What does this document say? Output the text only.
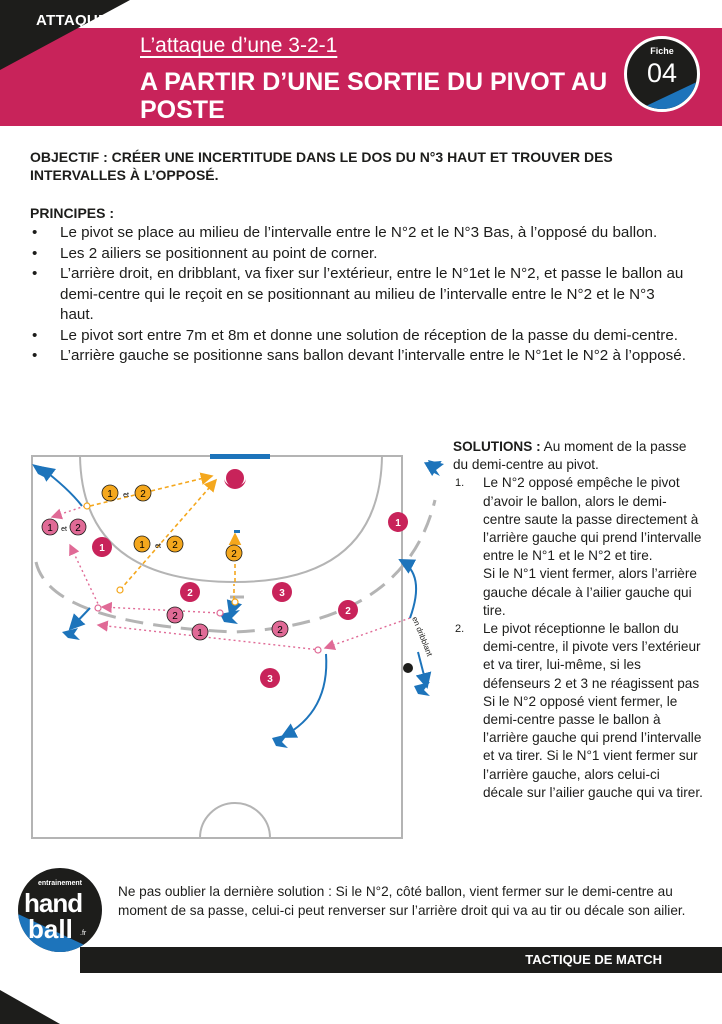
ATTAQUE
L’attaque d’une 3-2-1
A PARTIR D’UNE SORTIE DU PIVOT AU POSTE
Fiche
04
OBJECTIF : CRÉER UNE INCERTITUDE DANS LE DOS DU N°3 HAUT ET TROUVER DES INTERVALLES À L’OPPOSÉ.
PRINCIPES :
• Le pivot se place au milieu de l’intervalle entre le N°2 et le N°3 Bas, à l’opposé du ballon.
• Les 2 ailiers se positionnent au point de corner.
• L’arrière droit, en dribblant, va fixer sur l’extérieur, entre le N°1et le N°2, et passe le ballon au demi-centre qui le reçoit en se positionnant au milieu de l’intervalle entre le N°2 et le N°3 haut.
• Le pivot sort entre 7m et 8m et donne une solution de réception de la passe du demi-centre.
• L’arrière gauche se positionne sans ballon devant l’intervalle entre le N°1et le N°2 à l’opposé.
en dribblant
1
2	3
1
2
3
1 et 2
1 et 2
1 et 2
2
1
2
2
SOLUTIONS : Au moment de la passe du demi-centre au pivot.
1. Le N°2 opposé empêche le pivot d’avoir le ballon, alors le demi-centre saute la passe directement à l’arrière gauche qui prend l’intervalle entre le N°1 et le N°2 et tire.
Si le N°1 vient fermer, alors l’arrière gauche décale à l’ailier gauche qui tire.
2. Le pivot réceptionne le ballon du demi-centre, il pivote vers l’extérieur et va tirer, lui-même, si les défenseurs 2 et 3 ne réagissent pas
Si le N°2 opposé vient fermer, le demi-centre passe le ballon à l’arrière gauche qui prend l’intervalle et va tirer. Si le N°1 vient fermer sur l’arrière gauche, alors celui-ci décale sur l’ailier gauche qui va tirer.
entrainement
hand
ball .fr
Ne pas oublier la dernière solution : Si le N°2, côté ballon, vient fermer sur le demi-centre au moment de sa passe, celui-ci peut renverser sur l’arrière droit qui va au tir ou décale son ailier.
TACTIQUE DE MATCH
